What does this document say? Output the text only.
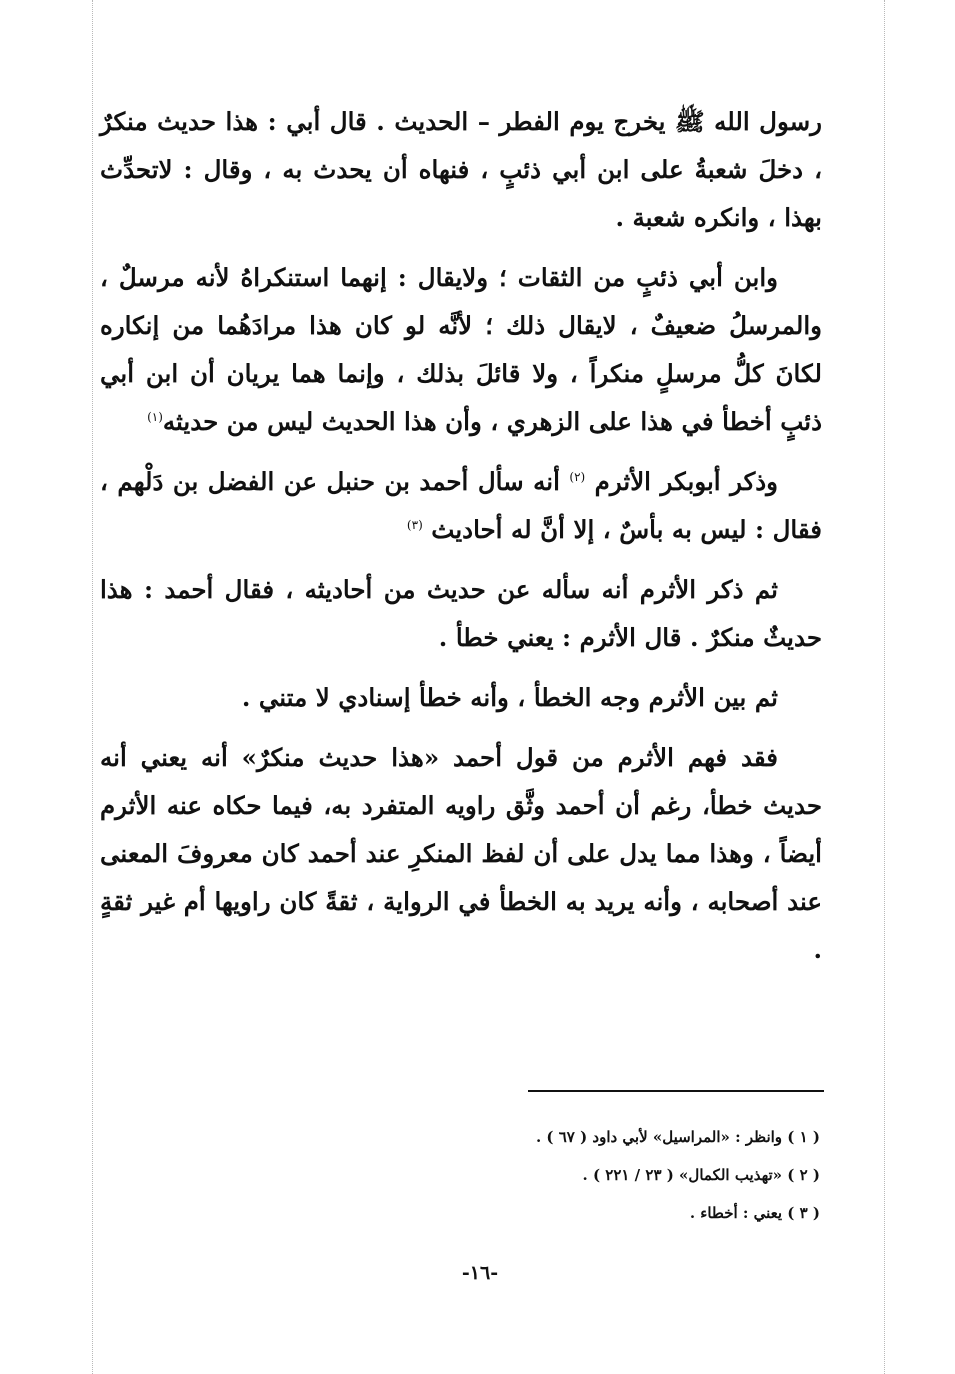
رسول الله ﷺ يخرج يوم الفطر – الحديث . قال أبي : هذا حديث منكرٌ ، دخلَ شعبةُ على ابن أبي ذئبٍ ، فنهاه أن يحدث به ، وقال : لاتحدِّث بهذا ، وانكره شعبة .

وابن أبي ذئبٍ من الثقات ؛ ولايقال : إنهما استنكراهُ لأنه مرسلٌ ، والمرسلُ ضعيفٌ ، لايقال ذلك ؛ لأنَّه لو كان هذا مرادَهُما من إنكاره لكانَ كلُّ مرسلٍ منكراً ، ولا قائلَ بذلك ، وإنما هما يريان أن ابن أبي ذئبٍ أخطأ في هذا على الزهري ، وأن هذا الحديث ليس من حديثه$^{(١)}$

وذكر أبوبكر الأثرم $^{(٢)}$ أنه سأل أحمد بن حنبل عن الفضل بن دَلْهم ، فقال : ليس به بأسٌ ، إلا أنَّ له أحاديث $^{(٣)}$

ثم ذكر الأثرم أنه سأله عن حديث من أحاديثه ، فقال أحمد : هذا حديثٌ منكرٌ . قال الأثرم : يعني خطأ .

ثم بين الأثرم وجه الخطأ ، وأنه خطأ إسنادي لا متني .

فقد فهم الأثرم من قول أحمد «هذا حديث منكرٌ» أنه يعني أنه حديث خطأ، رغم أن أحمد وثَّق راويه المتفرد به، فيما حكاه عنه الأثرم أيضاً ، وهذا مما يدل على أن لفظ المنكرِ عند أحمد كان معروفَ المعنى عند أصحابه ، وأنه يريد به الخطأ في الرواية ، ثقةً كان راويها أم غير ثقةٍ .

( ١ ) وانظر : «المراسيل» لأبي داود ( ٦٧ ) .

( ٢ ) «تهذيب الكمال» ( ٢٣ / ٢٢١ ) .

( ٣ ) يعني : أخطاء .

-١٦-
